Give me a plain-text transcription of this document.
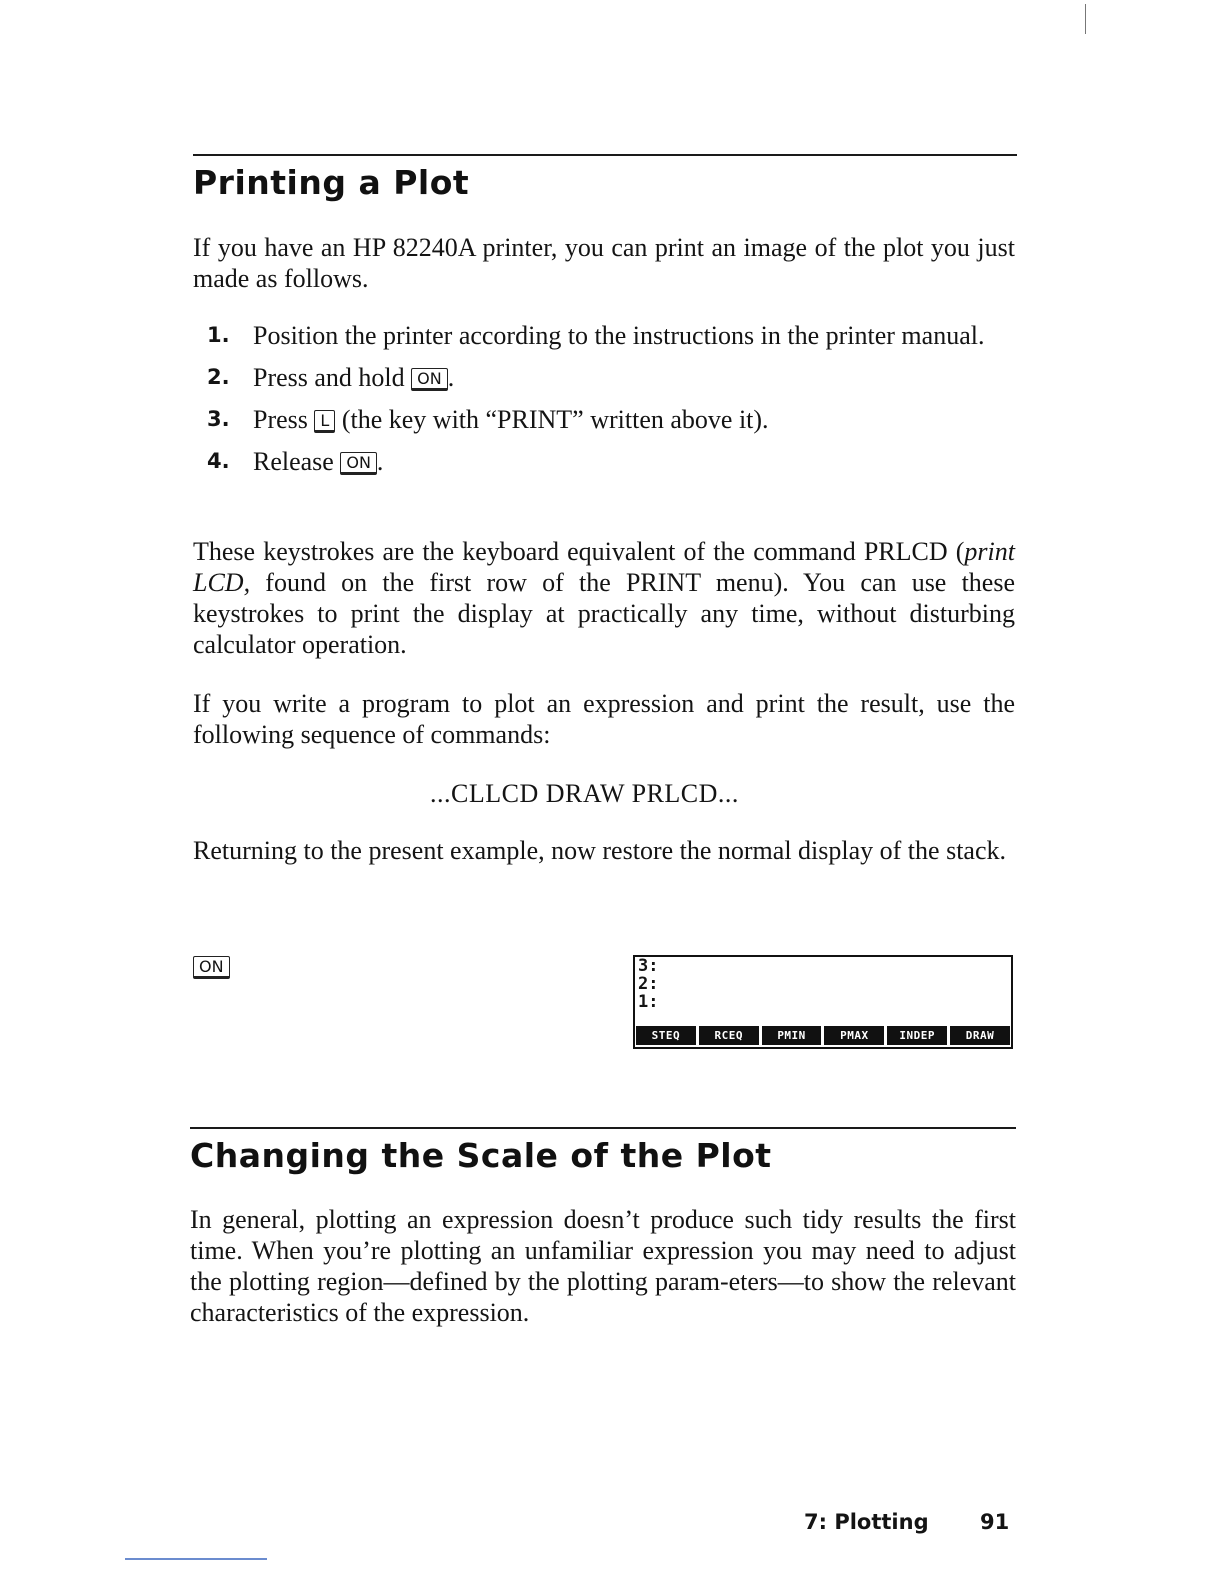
Printing a Plot

If you have an HP 82240A printer, you can print an image of the plot you just made as follows.

1. Position the printer according to the instructions in the printer manual.
2. Press and hold ON .
3. Press L (the key with “PRINT” written above it).
4. Release ON .

These keystrokes are the keyboard equivalent of the command PRLCD (print LCD, found on the first row of the PRINT menu). You can use these keystrokes to print the display at practically any time, without disturbing calculator operation.

If you write a program to plot an expression and print the result, use the following sequence of commands:

...CLLCD DRAW PRLCD...

Returning to the present example, now restore the normal display of the stack.

ON	3:
2:
1:
STEQ	RCEQ	PMIN	PMAX	INDEP	DRAW
Changing the Scale of the Plot

In general, plotting an expression doesn’t produce such tidy results the first time. When you’re plotting an unfamiliar expression you may need to adjust the plotting region—defined by the plotting param-eters—to show the relevant characteristics of the expression.

7: Plotting 91
